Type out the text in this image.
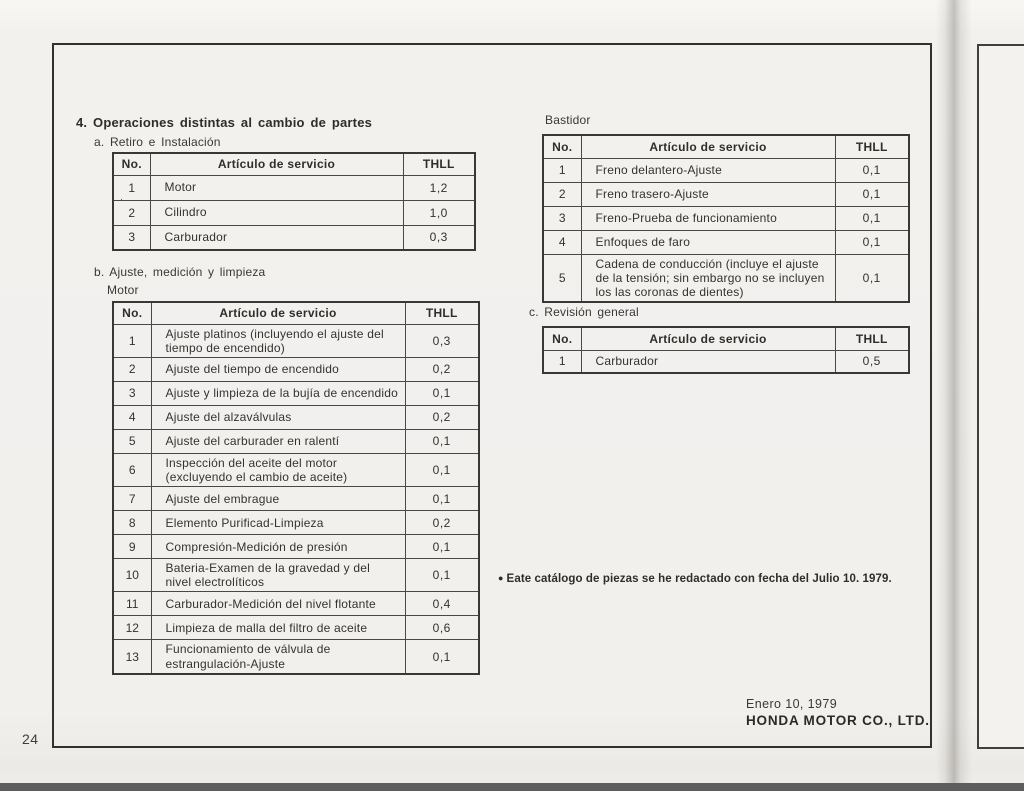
24
4. Operaciones distintas al cambio de partes
a. Retiro e Instalación
No.	Artículo de servicio	THLL
1	Motor	1,2

·
2	Cilindro	1,0
3	Carburador	0,3
b. Ajuste, medición y limpieza
Motor
No.	Artículo de servicio	THLL
1	Ajuste platinos (incluyendo el ajuste del tiempo de encendido)	0,3
2	Ajuste del tiempo de encendido	0,2
3	Ajuste y limpieza de la bujía de encendido	0,1
4	Ajuste del alzaválvulas	0,2
5	Ajuste del carburader en ralentí	0,1
6	Inspección del aceite del motor (excluyendo el cambio de aceite)	0,1
7	Ajuste del embrague	0,1
8	Elemento Purificad-Limpieza	0,2
9	Compresión-Medición de presión	0,1
10	Bateria-Examen de la gravedad y del nivel electrolíticos	0,1
11	Carburador-Medición del nivel flotante	0,4
12	Limpieza de malla del filtro de aceite	0,6
13	Funcionamiento de válvula de estrangulación-Ajuste	0,1
Bastidor
No.	Artículo de servicio	THLL
1	Freno delantero-Ajuste	0,1
2	Freno trasero-Ajuste	0,1
3	Freno-Prueba de funcionamiento	0,1
4	Enfoques de faro	0,1
5	Cadena de conducción (incluye el ajuste de la tensión; sin embargo no se incluyen los las coronas de dientes)	0,1
c. Revisión general
No.	Artículo de servicio	THLL
1	Carburador	0,5
● Eate catálogo de piezas se he redactado con fecha del Julio 10. 1979.
Enero 10, 1979
HONDA MOTOR CO., LTD.
